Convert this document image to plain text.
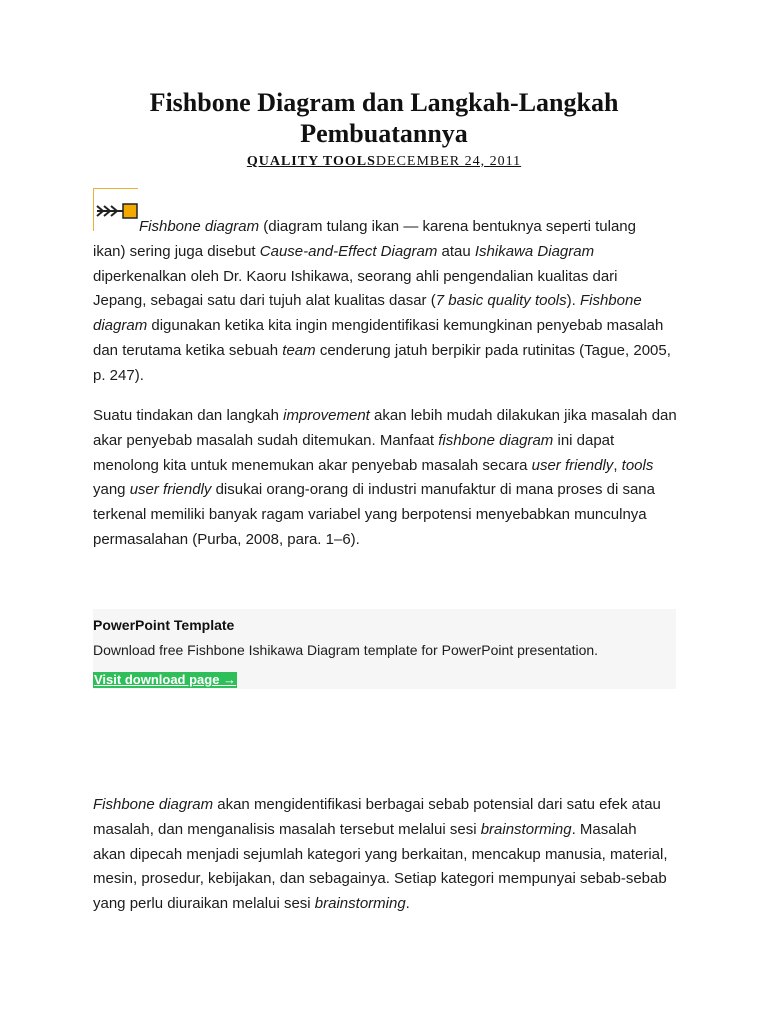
Fishbone Diagram dan Langkah-Langkah Pembuatannya
QUALITY TOOLSDECEMBER 24, 2011

Fishbone diagram (diagram tulang ikan — karena bentuknya seperti tulang ikan) sering juga disebut Cause-and-Effect Diagram atau Ishikawa Diagram diperkenalkan oleh Dr. Kaoru Ishikawa, seorang ahli pengendalian kualitas dari Jepang, sebagai satu dari tujuh alat kualitas dasar (7 basic quality tools). Fishbone diagram digunakan ketika kita ingin mengidentifikasi kemungkinan penyebab masalah dan terutama ketika sebuah team cenderung jatuh berpikir pada rutinitas (Tague, 2005, p. 247).

Suatu tindakan dan langkah improvement akan lebih mudah dilakukan jika masalah dan akar penyebab masalah sudah ditemukan. Manfaat fishbone diagram ini dapat menolong kita untuk menemukan akar penyebab masalah secara user friendly, tools yang user friendly disukai orang-orang di industri manufaktur di mana proses di sana terkenal memiliki banyak ragam variabel yang berpotensi menyebabkan munculnya permasalahan (Purba, 2008, para. 1–6).

PowerPoint Template
Download free Fishbone Ishikawa Diagram template for PowerPoint presentation.
Visit download page →

Fishbone diagram akan mengidentifikasi berbagai sebab potensial dari satu efek atau masalah, dan menganalisis masalah tersebut melalui sesi brainstorming. Masalah akan dipecah menjadi sejumlah kategori yang berkaitan, mencakup manusia, material, mesin, prosedur, kebijakan, dan sebagainya. Setiap kategori mempunyai sebab-sebab yang perlu diuraikan melalui sesi brainstorming.
